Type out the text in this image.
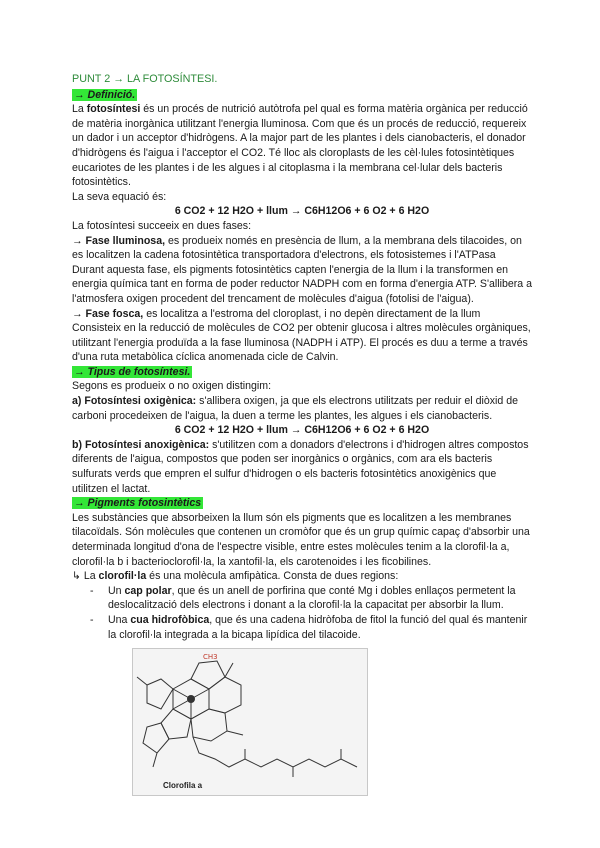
PUNT 2 → LA FOTOSÍNTESI.

→ Definició.

La fotosíntesi és un procés de nutrició autòtrofa pel qual es forma matèria orgànica per reducció de matèria inorgànica utilitzant l'energia lluminosa. Com que és un procés de reducció, requereix un dador i un acceptor d'hidrògens. A la major part de les plantes i dels cianobacteris, el donador d'hidrògens és l'aigua i l'acceptor el CO2. Té lloc als cloroplasts de les cèl·lules fotosintètiques eucariotes de les plantes i de les algues i al citoplasma i la membrana cel·lular dels bacteris fotosintètics.

La seva equació és:

6 CO2 + 12 H2O + llum → C6H12O6 + 6 O2 + 6 H2O

La fotosíntesi succeeix en dues fases:

→ Fase lluminosa, es produeix només en presència de llum, a la membrana dels tilacoides, on es localitzen la cadena fotosintètica transportadora d'electrons, els fotosistemes i l'ATPasa

Durant aquesta fase, els pigments fotosintètics capten l'energia de la llum i la transformen en energia química tant en forma de poder reductor NADPH com en forma d'energia ATP. S'allibera a l'atmosfera oxigen procedent del trencament de molècules d'aigua (fotolisi de l'aigua).

→ Fase fosca, es localitza a l'estroma del cloroplast, i no depèn directament de la llum Consisteix en la reducció de molècules de CO2 per obtenir glucosa i altres molècules orgàniques, utilitzant l'energia produïda a la fase lluminosa (NADPH i ATP). El procés es duu a terme a través d'una ruta metabòlica cíclica anomenada cicle de Calvin.

→ Tipus de fotosíntesi.

Segons es produeix o no oxigen distingim:

a) Fotosíntesi oxigènica: s'allibera oxigen, ja que els electrons utilitzats per reduir el diòxid de carboni procedeixen de l'aigua, la duen a terme les plantes, les algues i els cianobacteris.

6 CO2 + 12 H2O + llum → C6H12O6 + 6 O2 + 6 H2O

b) Fotosíntesi anoxigènica: s'utilitzen com a donadors d'electrons i d'hidrogen altres compostos diferents de l'aigua, compostos que poden ser inorgànics o orgànics, com ara els bacteris sulfurats verds que empren el sulfur d'hidrogen o els bacteris fotosintètics anoxigènics que utilitzen el lactat.

→ Pigments fotosintètics

Les substàncies que absorbeixen la llum són els pigments que es localitzen a les membranes tilacoïdals. Són molècules que contenen un cromòfor que és un grup químic capaç d'absorbir una determinada longitud d'ona de l'espectre visible, entre estes molècules tenim a la clorofil·la a, clorofil·la b i bacterioclorofil·la, la xantofil·la, els carotenoides i les ficobilines.

↳ La clorofil·la és una molècula amfipàtica. Consta de dues regions:

- Un cap polar, que és un anell de porfirina que conté Mg i dobles enllaços permetent la deslocalització dels electrons i donant a la clorofil·la la capacitat per absorbir la llum.
- Una cua hidrofòbica, que és una cadena hidròfoba de fitol la funció del qual és mantenir la clorofil·la integrada a la bicapa lipídica del tilacoide.
CH3
Clorofila a
